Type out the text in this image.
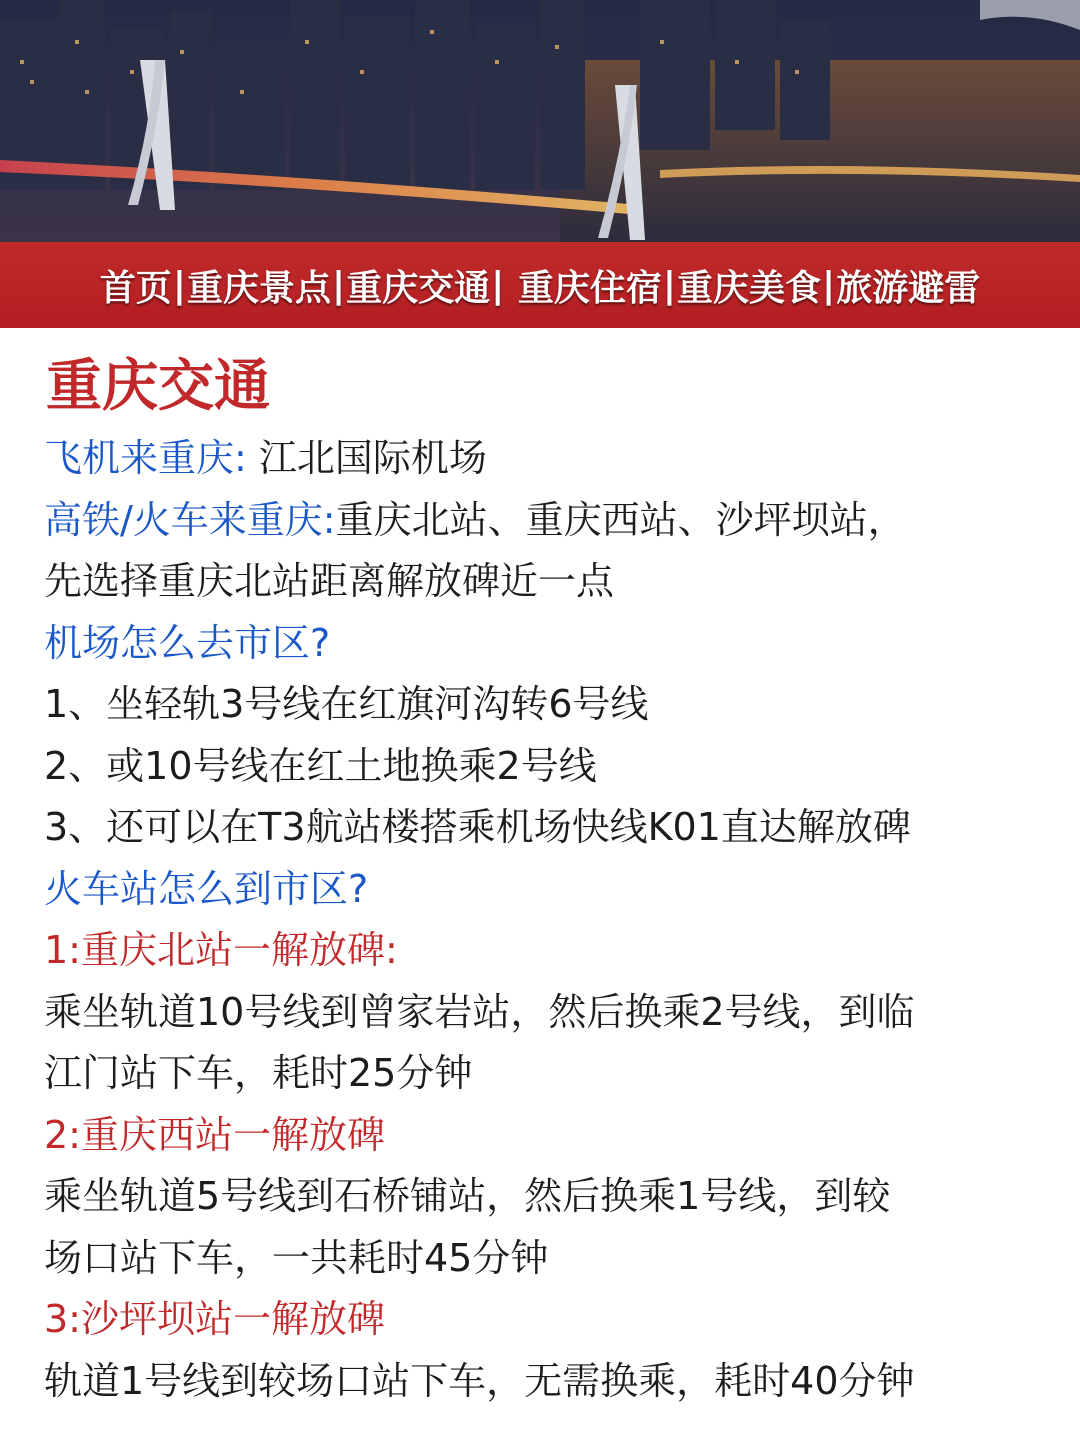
首页 | 重庆景点 | 重庆交通 | 重庆住宿 | 重庆美食 | 旅游避雷
重庆交通
飞机来重庆: 江北国际机场
高铁/火车来重庆:重庆北站、重庆西站、沙坪坝站，
先选择重庆北站距离解放碑近一点
机场怎么去市区?
1、坐轻轨3号线在红旗河沟转6号线
2、或10号线在红土地换乘2号线
3、还可以在T3航站楼搭乘机场快线K01直达解放碑
火车站怎么到市区?
1:重庆北站一解放碑:
乘坐轨道10号线到曾家岩站，然后换乘2号线，到临
江门站下车，耗时25分钟
2:重庆西站一解放碑
乘坐轨道5号线到石桥铺站，然后换乘1号线，到较
场口站下车，一共耗时45分钟
3:沙坪坝站一解放碑
轨道1号线到较场口站下车，无需换乘，耗时40分钟
